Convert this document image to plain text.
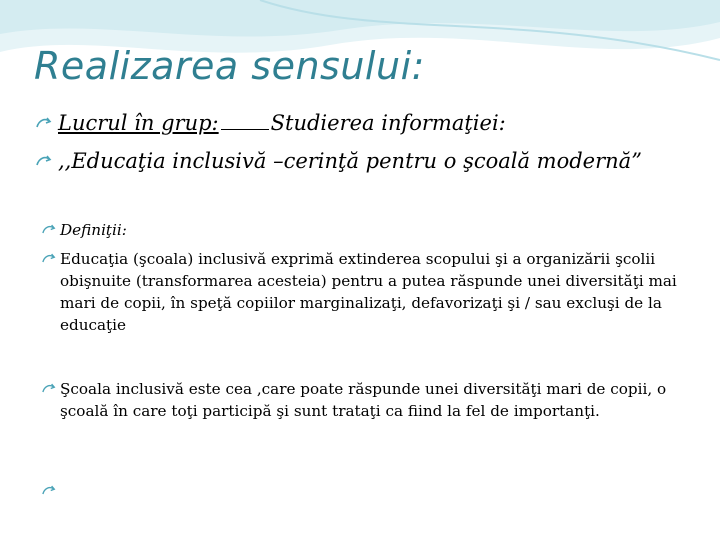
Realizarea sensului:
Lucrul în grup: Studierea informaţiei:
,,Educaţia inclusivă –cerinţă pentru o şcoală modernă”
Definiţii:
Educaţia (şcoala) inclusivă exprimă extinderea scopului şi a organizării şcolii obişnuite (transformarea acesteia) pentru a putea răspunde unei diversităţi mai mari de copii, în speţă copiilor marginalizaţi, defavorizaţi şi / sau excluşi de la educaţie
Şcoala inclusivă este cea ,care poate răspunde unei diversităţi mari de copii, o şcoală în care toţi participă şi sunt trataţi ca fiind la fel de importanţi.
